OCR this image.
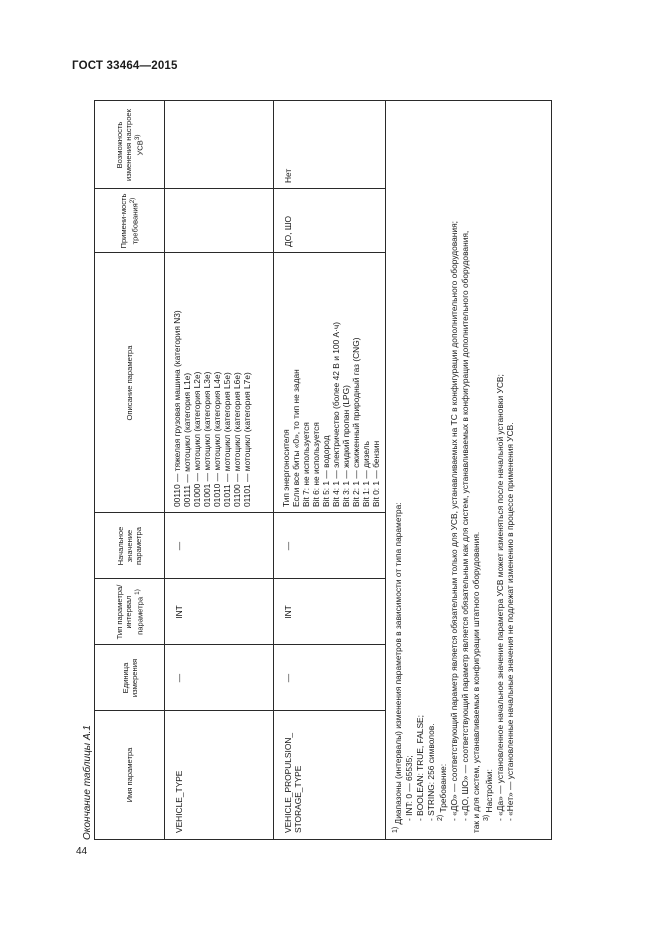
ГОСТ 33464—2015
44
Окончание таблицы А.1	Имя параметра
Единица измерения
Тип параметра/ интервал параметра $^{1)}$
Начальное значение параметра
Описание параметра
Примени-мость требования$^{2)}$
Возможность изменения настроек УСВ$^{3)}$
VEHICLE_TYPE
—
INT
—
00110 — тяжелая грузовая машина (категория N3) 00111 — мотоцикл (категория L1e) 01000 — мотоцикл (категория L2e) 01001 — мотоцикл (категория L3e) 01010 — мотоцикл (категория L4e) 01011 — мотоцикл (категория L5e) 01100 — мотоцикл (категория L6e) 01101 — мотоцикл (категория L7e)
VEHICLE_PROPULSION_ STORAGE_TYPE
—
INT
—
Тип энергоносителя Если все биты «0», то тип не задан Bit 7: не используется Bit 6: не используется Bit 5: 1 — водород Bit 4: 1 — электричество (более 42 В и 100 А·ч) Bit 3: 1 — жидкий пропан (LPG) Bit 2: 1 — сжиженный природный газ (CNG) Bit 1: 1 — дизель Bit 0: 1 — бензин
ДО, ШО
Нет
$^{1)}$ Диапазоны (интервалы) изменения параметров в зависимости от типа параметра: - INT: 0 — 65535; - BOOLEAN: TRUE, FALSE; - STRING: 256 символов. $^{2)}$ Требование: - «ДО» — соответствующий параметр является обязательным только для УСВ, устанавливаемых на ТС в конфигурации дополнительного оборудования; - «ДО, ШО» — соответствующий параметр является обязательным как для систем, устанавливаемых в конфигурации дополнительного оборудования, так и для систем, устанавливаемых в конфигурации штатного оборудования. $^{3)}$ Настройки: - «Да» — установленное начальное значение параметра УСВ может изменяться после начальной установки УСВ; - «Нет» — установленные начальные значения не подлежат изменению в процессе применения УСВ.
